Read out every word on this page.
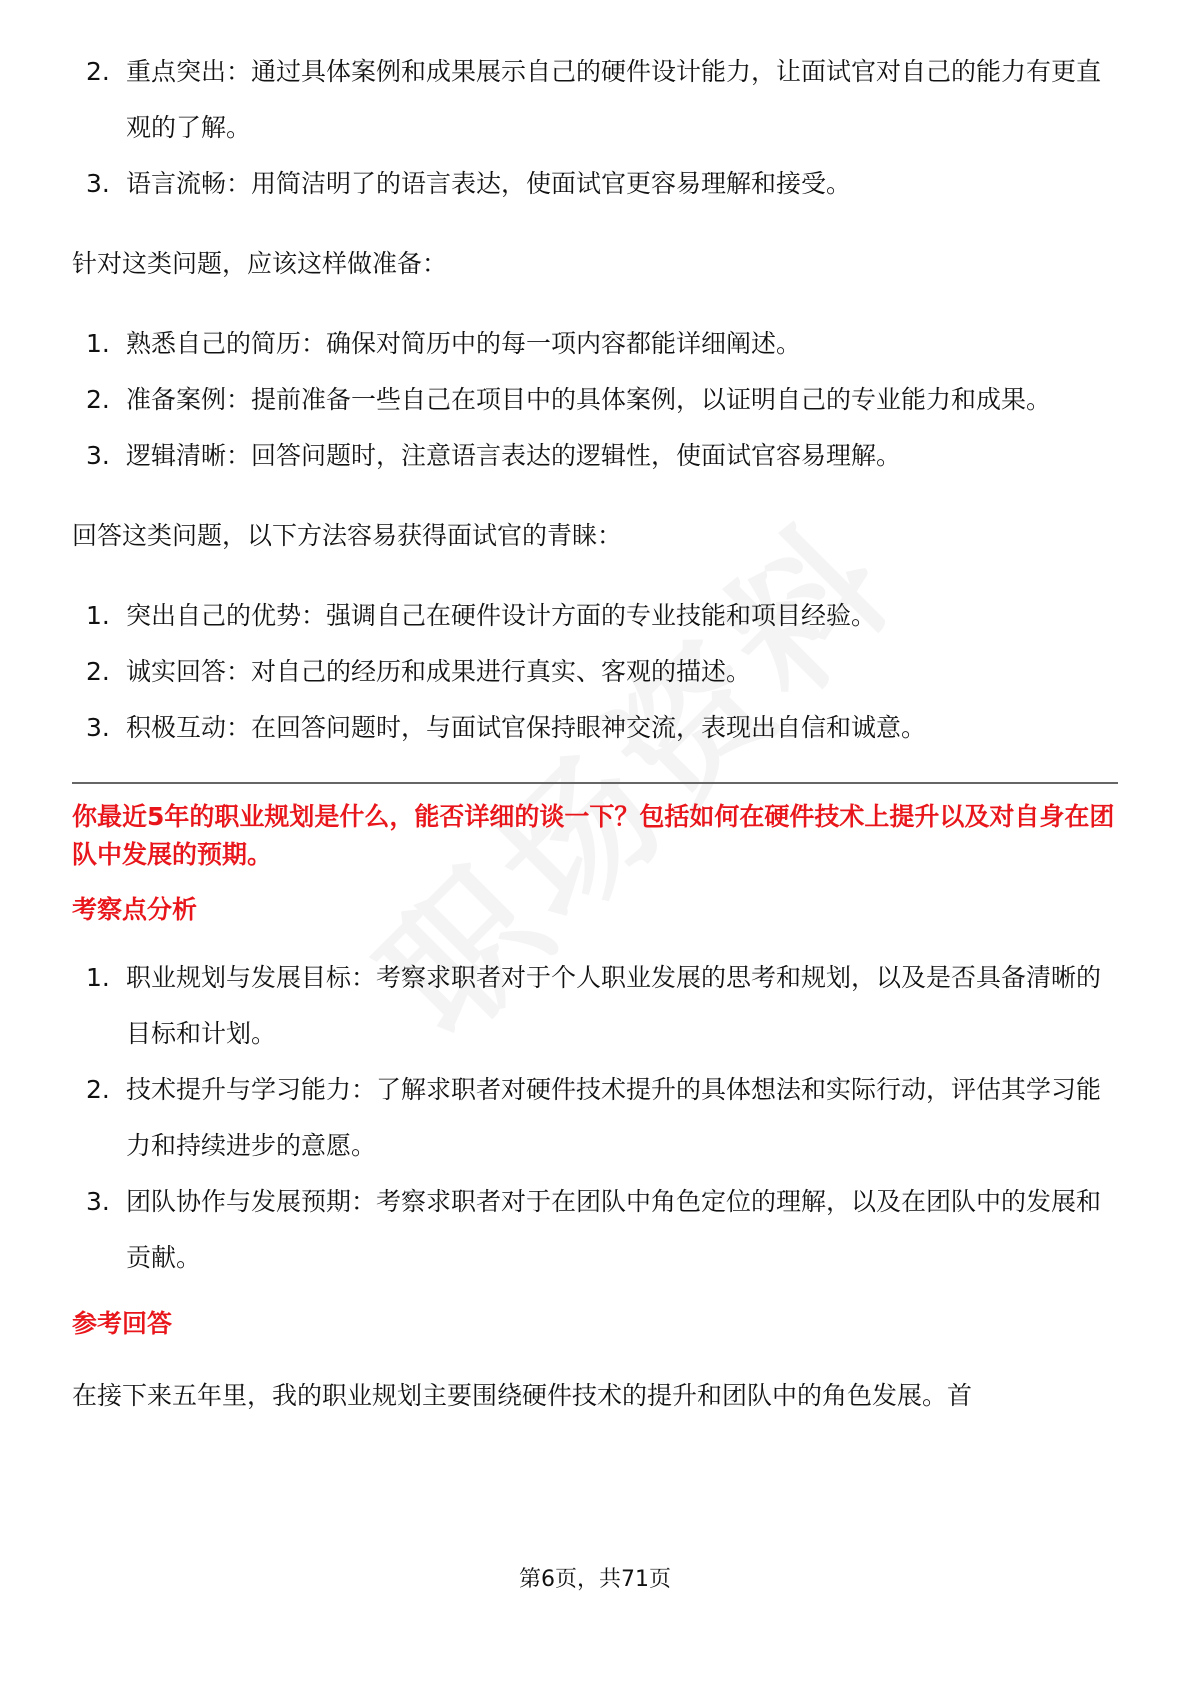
2. 重点突出：通过具体案例和成果展示自己的硬件设计能力，让面试官对自己的能力有更直观的了解。
3. 语言流畅：用简洁明了的语言表达，使面试官更容易理解和接受。

针对这类问题，应该这样做准备：

1. 熟悉自己的简历：确保对简历中的每一项内容都能详细阐述。
2. 准备案例：提前准备一些自己在项目中的具体案例，以证明自己的专业能力和成果。
3. 逻辑清晰：回答问题时，注意语言表达的逻辑性，使面试官容易理解。

回答这类问题，以下方法容易获得面试官的青睐：

1. 突出自己的优势：强调自己在硬件设计方面的专业技能和项目经验。
2. 诚实回答：对自己的经历和成果进行真实、客观的描述。
3. 积极互动：在回答问题时，与面试官保持眼神交流，表现出自信和诚意。

你最近5年的职业规划是什么，能否详细的谈一下？包括如何在硬件技术上提升以及对自身在团队中发展的预期。

考察点分析

1. 职业规划与发展目标：考察求职者对于个人职业发展的思考和规划，以及是否具备清晰的目标和计划。
2. 技术提升与学习能力：了解求职者对硬件技术提升的具体想法和实际行动，评估其学习能力和持续进步的意愿。
3. 团队协作与发展预期：考察求职者对于在团队中角色定位的理解，以及在团队中的发展和贡献。

参考回答

在接下来五年里，我的职业规划主要围绕硬件技术的提升和团队中的角色发展。首

第6页，共71页
